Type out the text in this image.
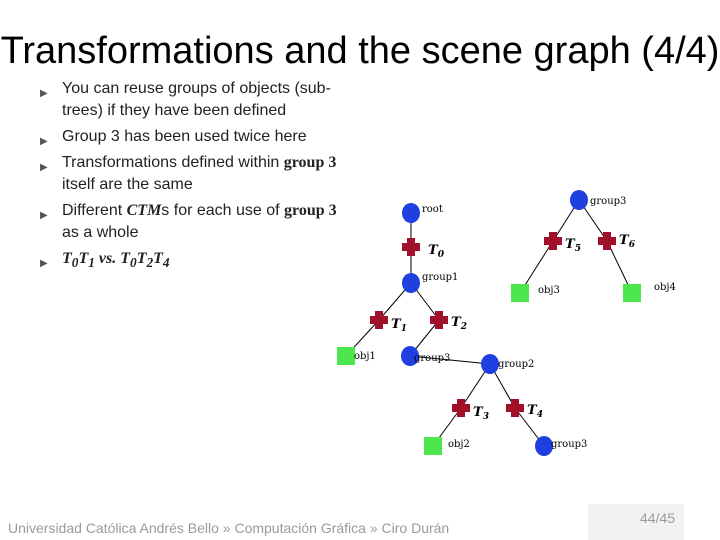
Transformations and the scene graph (4/4)
▶ You can reuse groups of objects (sub-trees) if they have been defined
▶ Group 3 has been used twice here
▶ Transformations defined within group 3 itself are the same
▶ Different CTMs for each use of group 3 as a whole
▶ $T_0T_1$ vs. $T_0T_2T_4$
root
group3
$T_0$
$T_5$
$T_6$
group1
obj3	obj4
$T_1$	$T_2$
obj1	group3
group2
$T_3$	$T_4$
obj2	group3
44/45
Universidad Católica Andrés Bello » Computación Gráfica » Ciro Durán
